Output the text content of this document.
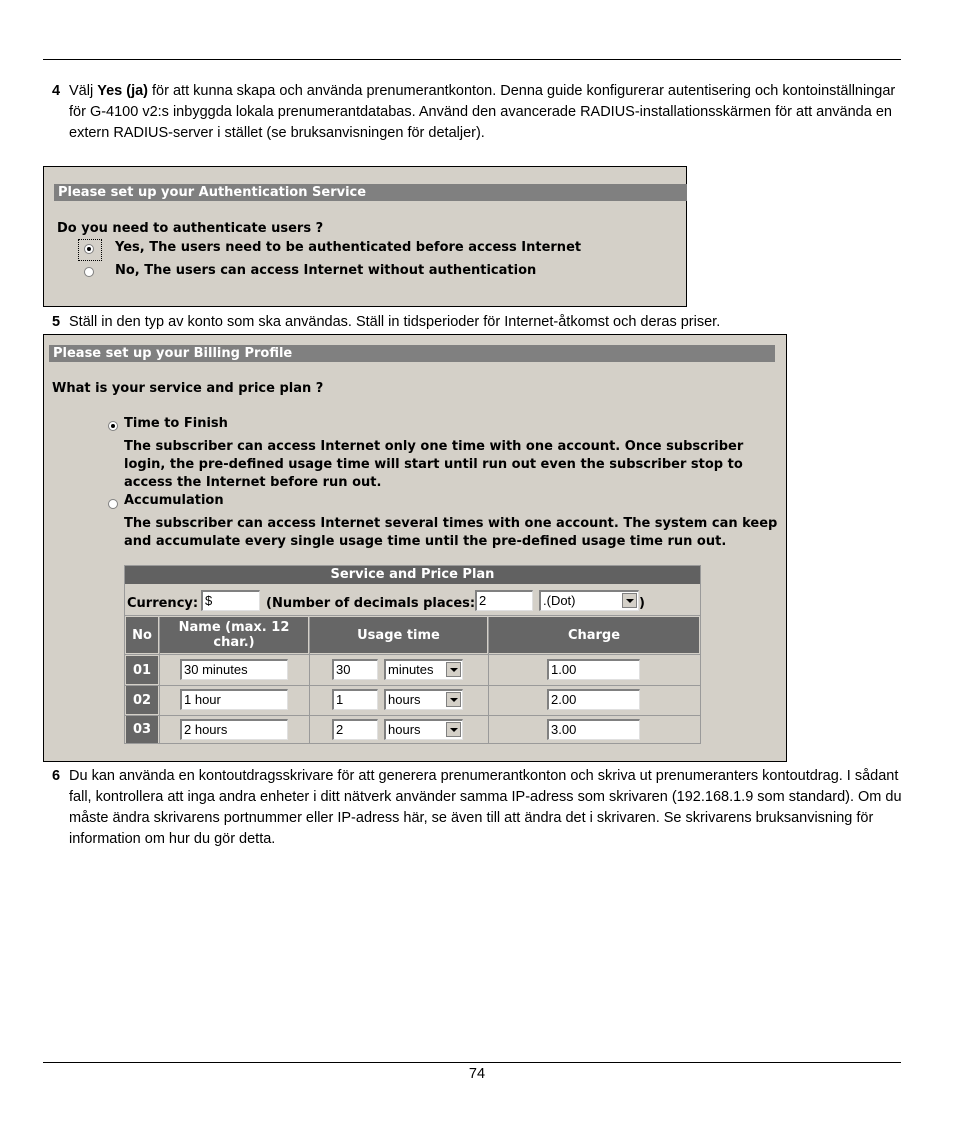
4 Välj Yes (ja) för att kunna skapa och använda prenumerantkonton. Denna guide konfigurerar autentisering och kontoinställningar för G-4100 v2:s inbyggda lokala prenumerantdatabas. Använd den avancerade RADIUS-installationsskärmen för att använda en extern RADIUS-server i stället (se bruksanvisningen för detaljer).
Please set up your Authentication Service
Do you need to authenticate users ?
Yes, The users need to be authenticated before access Internet
No, The users can access Internet without authentication
5 Ställ in den typ av konto som ska användas. Ställ in tidsperioder för Internet-åtkomst och deras priser.
Please set up your Billing Profile
What is your service and price plan ?
Time to Finish
The subscriber can access Internet only one time with one account. Once subscriber login, the pre-defined usage time will start until run out even the subscriber stop to access the Internet before run out.
Accumulation
The subscriber can access Internet several times with one account. The system can keep and accumulate every single usage time until the pre-defined usage time run out.
Service and Price Plan
Currency: $	(Number of decimals places: 2	.(Dot)	)
No	Name (max. 12 char.)	Usage time	Charge
01	30 minutes	30	minutes	1.00
02	1 hour	1	hours	2.00
03	2 hours	2	hours	3.00
6 Du kan använda en kontoutdragsskrivare för att generera prenumerantkonton och skriva ut prenumeranters kontoutdrag. I sådant fall, kontrollera att inga andra enheter i ditt nätverk använder samma IP-adress som skrivaren (192.168.1.9 som standard). Om du måste ändra skrivarens portnummer eller IP-adress här, se även till att ändra det i skrivaren. Se skrivarens bruksanvisning för information om hur du gör detta.
74
